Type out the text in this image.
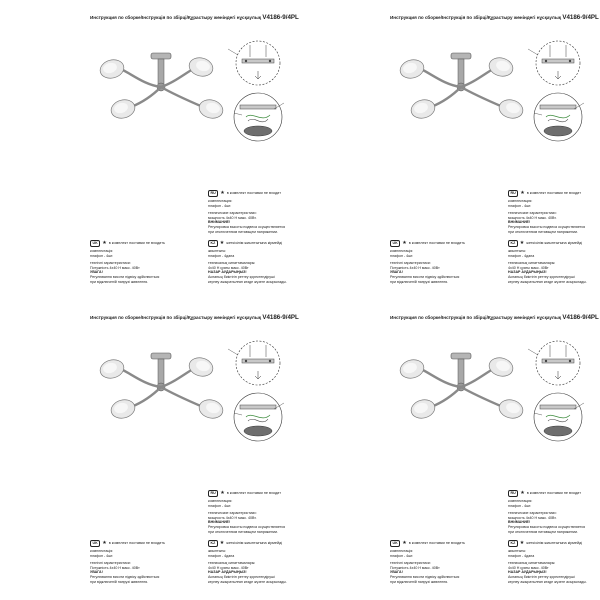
Инструкция по сборке/Інструкція по збірці/Құрастыру жөніндегі нұсқаулық V4186-9/4PL
RU ★ в комплект поставки не входит
комплектация:
плафон - 4шт.
технические характеристики:
мощность 4x40 Н макс. 40Вт.
ВНИМАНИЕ!
Регулировка высоты подвеса осуществляется
при отключенном питающем напряжении.
UK ★ в комплект поставки не входить
комплектація:
плафон - 4шт.
технічні характеристики:
Потужність 4x40 Н макс. 40Вт
УВАГА!
Регулювання висоти підвісу здійснюється
при відключеній напрузі живлення.
KZ ★ жеткізілім жиынтығына кірмейді
жиынтығы:
плафон - 4дана
техникалық сипаттамалары:
4x40 Н қуаты макс. 40Вт
НАЗАР АУДАРЫҢЫЗ!
Аспаның биіктігін реттеу қоректендіруші
кернеу ажыратылған кезде жүзеге асырылады.
Инструкция по сборке/Інструкція по збірці/Құрастыру жөніндегі нұсқаулық V4186-9/4PL
RU ★ в комплект поставки не входит
комплектация:
плафон - 4шт.
технические характеристики:
мощность 4x40 Н макс. 40Вт.
ВНИМАНИЕ!
Регулировка высоты подвеса осуществляется
при отключенном питающем напряжении.
UK ★ в комплект поставки не входить
комплектація:
плафон - 4шт.
технічні характеристики:
Потужність 4x40 Н макс. 40Вт
УВАГА!
Регулювання висоти підвісу здійснюється
при відключеній напрузі живлення.
KZ ★ жеткізілім жиынтығына кірмейді
жиынтығы:
плафон - 4дана
техникалық сипаттамалары:
4x40 Н қуаты макс. 40Вт
НАЗАР АУДАРЫҢЫЗ!
Аспаның биіктігін реттеу қоректендіруші
кернеу ажыратылған кезде жүзеге асырылады.
Инструкция по сборке/Інструкція по збірці/Құрастыру жөніндегі нұсқаулық V4186-9/4PL
RU ★ в комплект поставки не входит
комплектация:
плафон - 4шт.
технические характеристики:
мощность 4x40 Н макс. 40Вт.
ВНИМАНИЕ!
Регулировка высоты подвеса осуществляется
при отключенном питающем напряжении.
UK ★ в комплект поставки не входить
комплектація:
плафон - 4шт.
технічні характеристики:
Потужність 4x40 Н макс. 40Вт
УВАГА!
Регулювання висоти підвісу здійснюється
при відключеній напрузі живлення.
KZ ★ жеткізілім жиынтығына кірмейді
жиынтығы:
плафон - 4дана
техникалық сипаттамалары:
4x40 Н қуаты макс. 40Вт
НАЗАР АУДАРЫҢЫЗ!
Аспаның биіктігін реттеу қоректендіруші
кернеу ажыратылған кезде жүзеге асырылады.
Инструкция по сборке/Інструкція по збірці/Құрастыру жөніндегі нұсқаулық V4186-9/4PL
RU ★ в комплект поставки не входит
комплектация:
плафон - 4шт.
технические характеристики:
мощность 4x40 Н макс. 40Вт.
ВНИМАНИЕ!
Регулировка высоты подвеса осуществляется
при отключенном питающем напряжении.
UK ★ в комплект поставки не входить
комплектація:
плафон - 4шт.
технічні характеристики:
Потужність 4x40 Н макс. 40Вт
УВАГА!
Регулювання висоти підвісу здійснюється
при відключеній напрузі живлення.
KZ ★ жеткізілім жиынтығына кірмейді
жиынтығы:
плафон - 4дана
техникалық сипаттамалары:
4x40 Н қуаты макс. 40Вт
НАЗАР АУДАРЫҢЫЗ!
Аспаның биіктігін реттеу қоректендіруші
кернеу ажыратылған кезде жүзеге асырылады.
